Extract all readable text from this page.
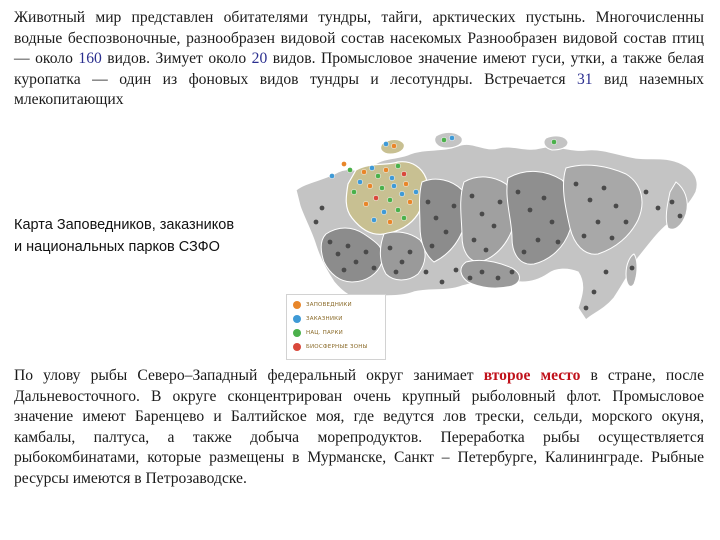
Животный мир представлен обитателями тундры, тайги, арктических пустынь. Многочисленны водные беспозвоночные, разнообразен видовой состав насекомых Разнообразен видовой состав птиц — около 160 видов. Зимует около 20 видов. Промысловое значение имеют гуси, утки, а также белая куропатка — один из фоновых видов тундры и лесотундры. Встречается 31 вид наземных млекопитающих

Карта Заповедников, заказников
и национальных парков СЗФО

ЗАПОВЕДНИКИ
ЗАКАЗНИКИ
НАЦ. ПАРКИ
БИОСФЕРНЫЕ ЗОНЫ

По улову рыбы Северо–Западный федеральный округ занимает второе место в стране, после Дальневосточного. В округе сконцентрирован очень крупный рыболовный флот. Промысловое значение имеют Баренцево и Балтийское моя, где ведутся лов трески, сельди, морского окуня, камбалы, палтуса, а также добыча морепродуктов. Переработка рыбы осуществляется рыбокомбинатами, которые размещены в Мурманске, Санкт – Петербурге, Калининграде. Рыбные ресурсы имеются в Петрозаводске.
